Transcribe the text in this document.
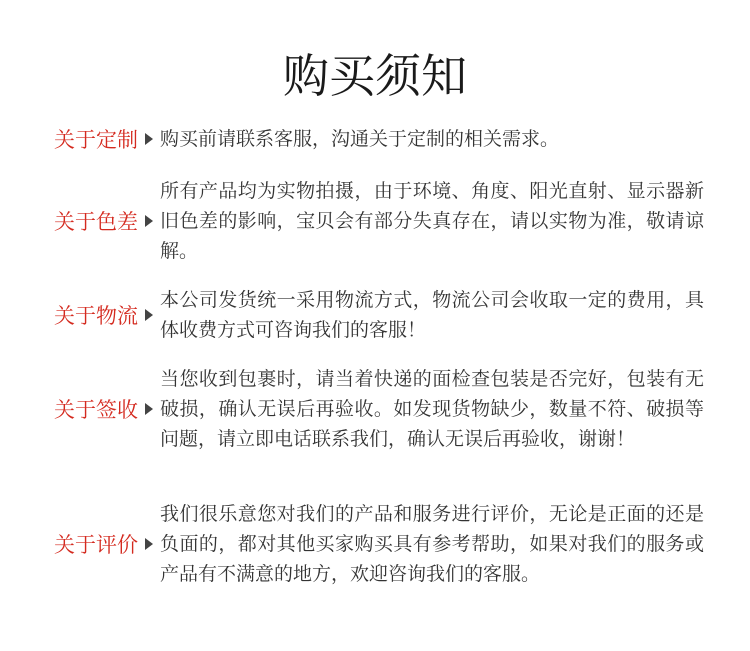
购买须知
关于定制 购买前请联系客服，沟通关于定制的相关需求。
关于色差
所有产品均为实物拍摄，由于环境、角度、阳光直射、显示器新旧色差的影响，宝贝会有部分失真存在，请以实物为准，敬请谅解。
关于物流
本公司发货统一采用物流方式，物流公司会收取一定的费用，具体收费方式可咨询我们的客服！
关于签收
当您收到包裹时，请当着快递的面检查包装是否完好，包装有无破损，确认无误后再验收。如发现货物缺少，数量不符、破损等问题，请立即电话联系我们，确认无误后再验收，谢谢！
关于评价
我们很乐意您对我们的产品和服务进行评价，无论是正面的还是负面的，都对其他买家购买具有参考帮助，如果对我们的服务或产品有不满意的地方，欢迎咨询我们的客服。
